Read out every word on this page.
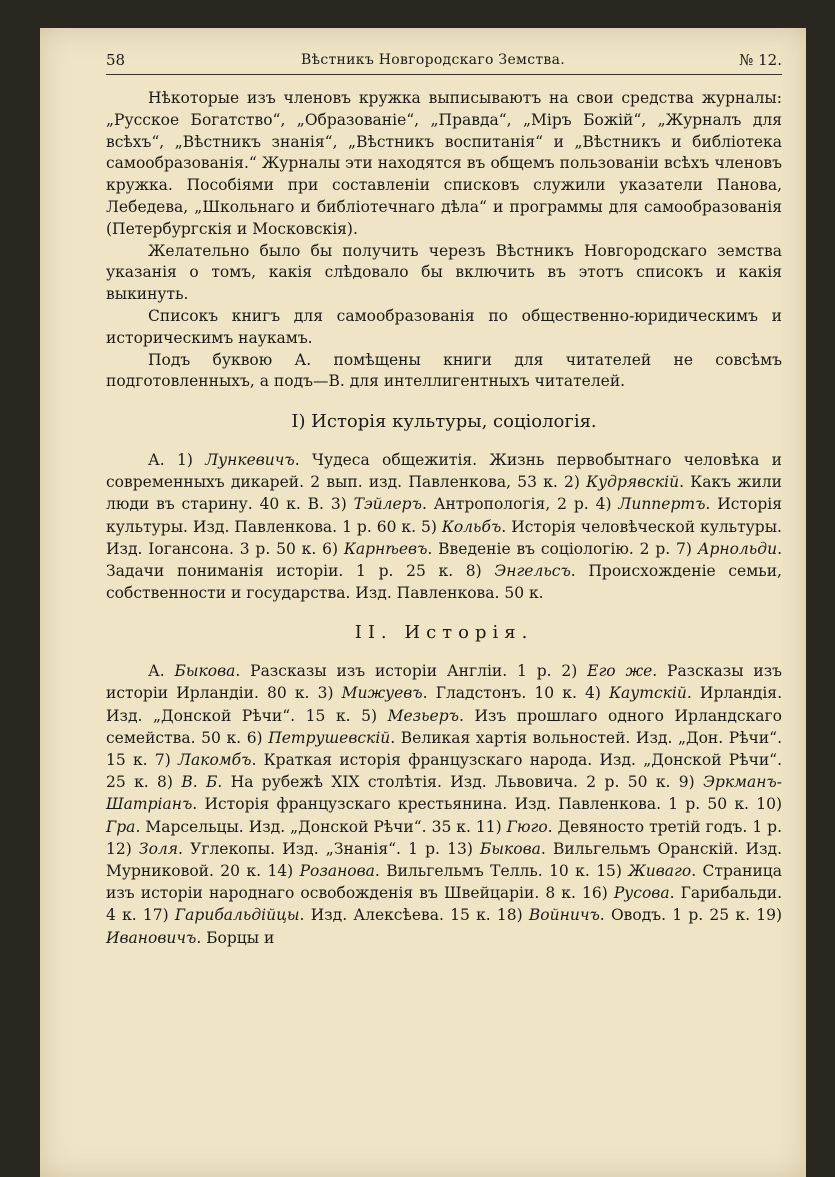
58	Вѣстникъ Новгородскаго Земства.	№ 12.

Нѣкоторые изъ членовъ кружка выписываютъ на свои средства журналы: „Русское Богатство“, „Образованіе“, „Правда“, „Міръ Божій“, „Журналъ для всѣхъ“, „Вѣстникъ знанія“, „Вѣстникъ воспитанія“ и „Вѣстникъ и библіотека самообразованія.“ Журналы эти находятся въ общемъ пользованіи всѣхъ членовъ кружка. Пособіями при составленіи списковъ служили указатели Панова, Лебедева, „Школьнаго и библіотечнаго дѣла“ и программы для самообразованія (Петербургскія и Московскія).

Желательно было бы получить черезъ Вѣстникъ Новгородскаго земства указанія о томъ, какія слѣдовало бы включить въ этотъ списокъ и какія выкинуть.

Списокъ книгъ для самообразованія по общественно-юридическимъ и историческимъ наукамъ.

Подъ буквою А. помѣщены книги для читателей не совсѣмъ подготовленныхъ, а подъ—В. для интеллигентныхъ читателей.

I) Исторія культуры, соціологія.

А. 1) Лункевичъ. Чудеса общежитія. Жизнь первобытнаго человѣка и современныхъ дикарей. 2 вып. изд. Павленкова, 53 к. 2) Кудрявскій. Какъ жили люди въ старину. 40 к. В. 3) Тэйлеръ. Антропологія, 2 р. 4) Липпертъ. Исторія культуры. Изд. Павленкова. 1 р. 60 к. 5) Кольбъ. Исторія человѣческой культуры. Изд. Іогансона. 3 р. 50 к. 6) Карнѣевъ. Введеніе въ соціологію. 2 р. 7) Арнольди. Задачи пониманія исторіи. 1 р. 25 к. 8) Энгельсъ. Происхожденіе семьи, собственности и государства. Изд. Павленкова. 50 к.

II. Исторія.

А. Быкова. Разсказы изъ исторіи Англіи. 1 р. 2) Его же. Разсказы изъ исторіи Ирландіи. 80 к. 3) Мижуевъ. Гладстонъ. 10 к. 4) Каутскій. Ирландія. Изд. „Донской Рѣчи“. 15 к. 5) Мезьеръ. Изъ прошлаго одного Ирландскаго семейства. 50 к. 6) Петрушевскій. Великая хартія вольностей. Изд. „Дон. Рѣчи“. 15 к. 7) Лакомбъ. Краткая исторія французскаго народа. Изд. „Донской Рѣчи“. 25 к. 8) В. Б. На рубежѣ XIX столѣтія. Изд. Львовича. 2 р. 50 к. 9) Эркманъ-Шатріанъ. Исторія французскаго крестьянина. Изд. Павленкова. 1 р. 50 к. 10) Гра. Марсельцы. Изд. „Донской Рѣчи“. 35 к. 11) Гюго. Девяносто третій годъ. 1 р. 12) Золя. Углекопы. Изд. „Знанія“. 1 р. 13) Быкова. Вильгельмъ Оранскій. Изд. Мурниковой. 20 к. 14) Розанова. Вильгельмъ Телль. 10 к. 15) Живаго. Страница изъ исторіи народнаго освобожденія въ Швейцаріи. 8 к. 16) Русова. Гарибальди. 4 к. 17) Гарибальдійцы. Изд. Алексѣева. 15 к. 18) Войничъ. Оводъ. 1 р. 25 к. 19) Ивановичъ. Борцы и
